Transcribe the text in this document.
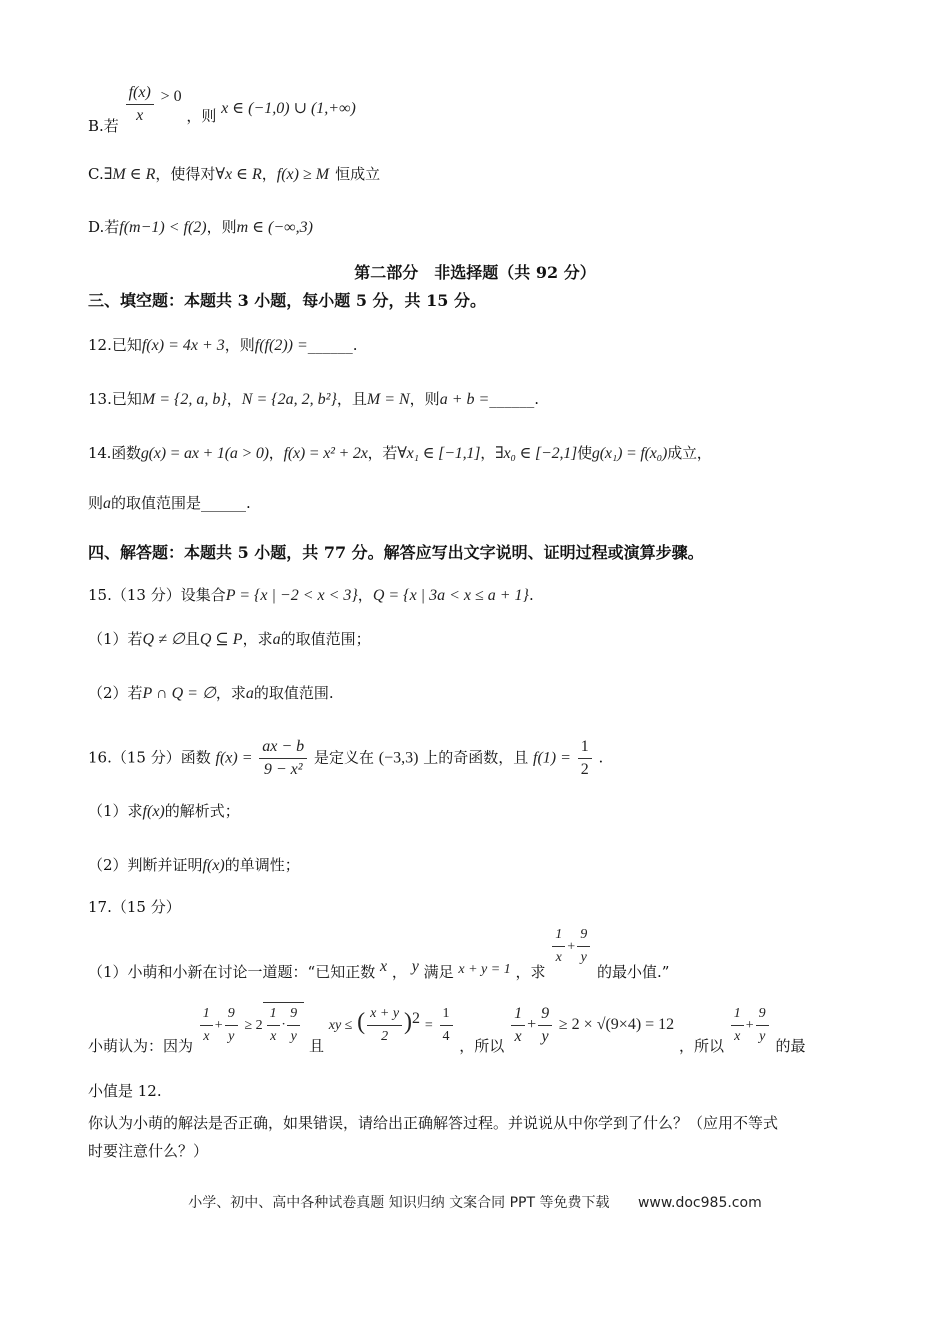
B.若 $\frac{f(x)}{x} > 0$ ，则 x ∈ (−1,0) ∪ (1,+∞)
C.∃M ∈ R，使得对∀x ∈ R，f(x) ≥ M 恒成立
D.若f(m−1) < f(2)，则m ∈ (−∞,3)
第二部分　非选择题（共 92 分）
三、填空题：本题共 3 小题，每小题 5 分，共 15 分。
12.已知f(x) = 4x + 3，则f(f(2)) =______.
13.已知M = {2, a, b}，N = {2a, 2, b²}，且M = N，则a + b =______.
14.函数g(x) = ax + 1(a > 0)，f(x) = x² + 2x，若∀x₁ ∈ [−1,1]，∃x₀ ∈ [−2,1]使g(x₁) = f(x₀)成立，
则a的取值范围是______.
四、解答题：本题共 5 小题，共 77 分。解答应写出文字说明、证明过程或演算步骤。
15.（13 分）设集合P = {x | −2 < x < 3}，Q = {x | 3a < x ≤ a + 1}.
（1）若Q ≠ ∅且Q ⊆ P，求a的取值范围；
（2）若P ∩ Q = ∅，求a的取值范围.
16.（15 分）函数 $f(x) = \frac{ax - b}{\text{9 − x²}}$ 是定义在 (−3,3) 上的奇函数，且 $f(1) = \frac{1}{2}$ .
（1）求f(x)的解析式；
（2）判断并证明f(x)的单调性；
17.（15 分）
（1）小萌和小新在讨论一道题：“已知正数 x ， y 满足 x + y = 1 ，求
$\frac{1}{x} + \frac{9}{y}$
的最小值.”
小萌认为：因为 $\frac{1}{x} + \frac{9}{y} \ge 2 \frac{1}{x} \cdot \frac{9}{y}$ 且 xy ≤ ( $\frac{x + y}{2} )^2 = \frac{1}{4}$ ，所以 $\frac{1}{x} + \frac{9}{y} \ge 2 \times √(9\times 4) = 12$ ，所以 $\frac{1}{x} + \frac{9}{y}$ 的最
小值是 12.
你认为小萌的解法是否正确，如果错误，请给出正确解答过程。并说说从中你学到了什么？（应用不等式
时要注意什么？）
小学、初中、高中各种试卷真题 知识归纳 文案合同 PPT 等免费下载 www.doc985.com
